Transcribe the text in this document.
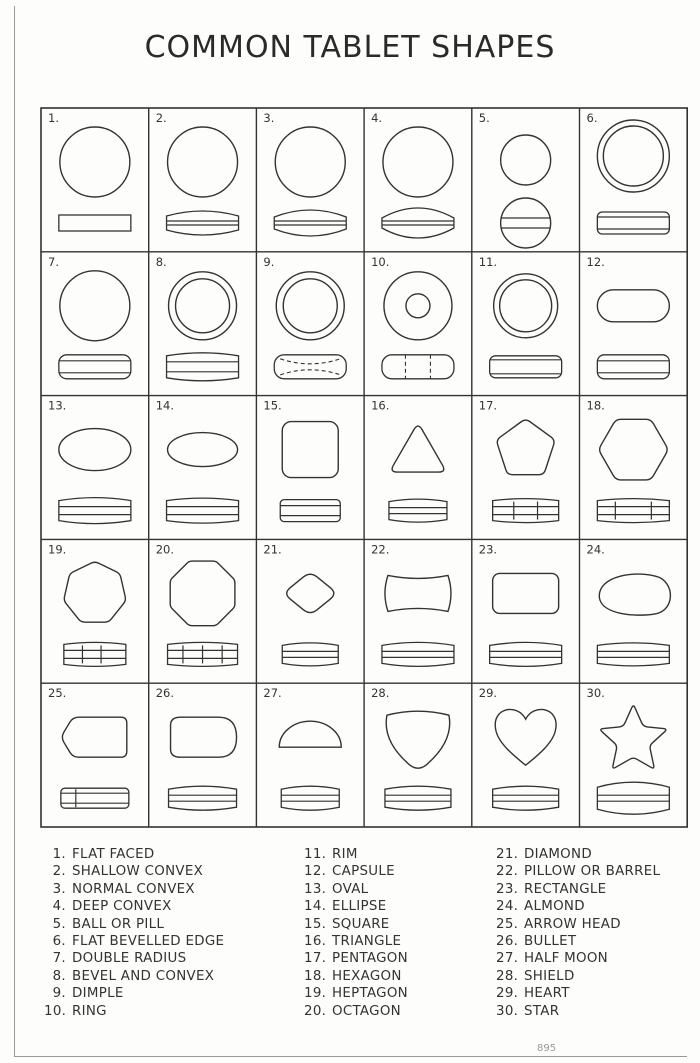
COMMON TABLET SHAPES
1.	2.	3.	4.	5.	6.
7.	8.	9.	10.	11.	12.
13.	14.	15.	16.	17.	18.
19.	20.	21.	22.	23.	24.
25.	26.	27.	28.	29.	30.
1. FLAT FACED
2. SHALLOW CONVEX
3. NORMAL CONVEX
4. DEEP CONVEX
5. BALL OR PILL
6. FLAT BEVELLED EDGE
7. DOUBLE RADIUS
8. BEVEL AND CONVEX
9. DIMPLE
10. RING
11. RIM
12. CAPSULE
13. OVAL
14. ELLIPSE
15. SQUARE
16. TRIANGLE
17. PENTAGON
18. HEXAGON
19. HEPTAGON
20. OCTAGON
21. DIAMOND
22. PILLOW OR BARREL
23. RECTANGLE
24. ALMOND
25. ARROW HEAD
26. BULLET
27. HALF MOON
28. SHIELD
29. HEART
30. STAR
895
